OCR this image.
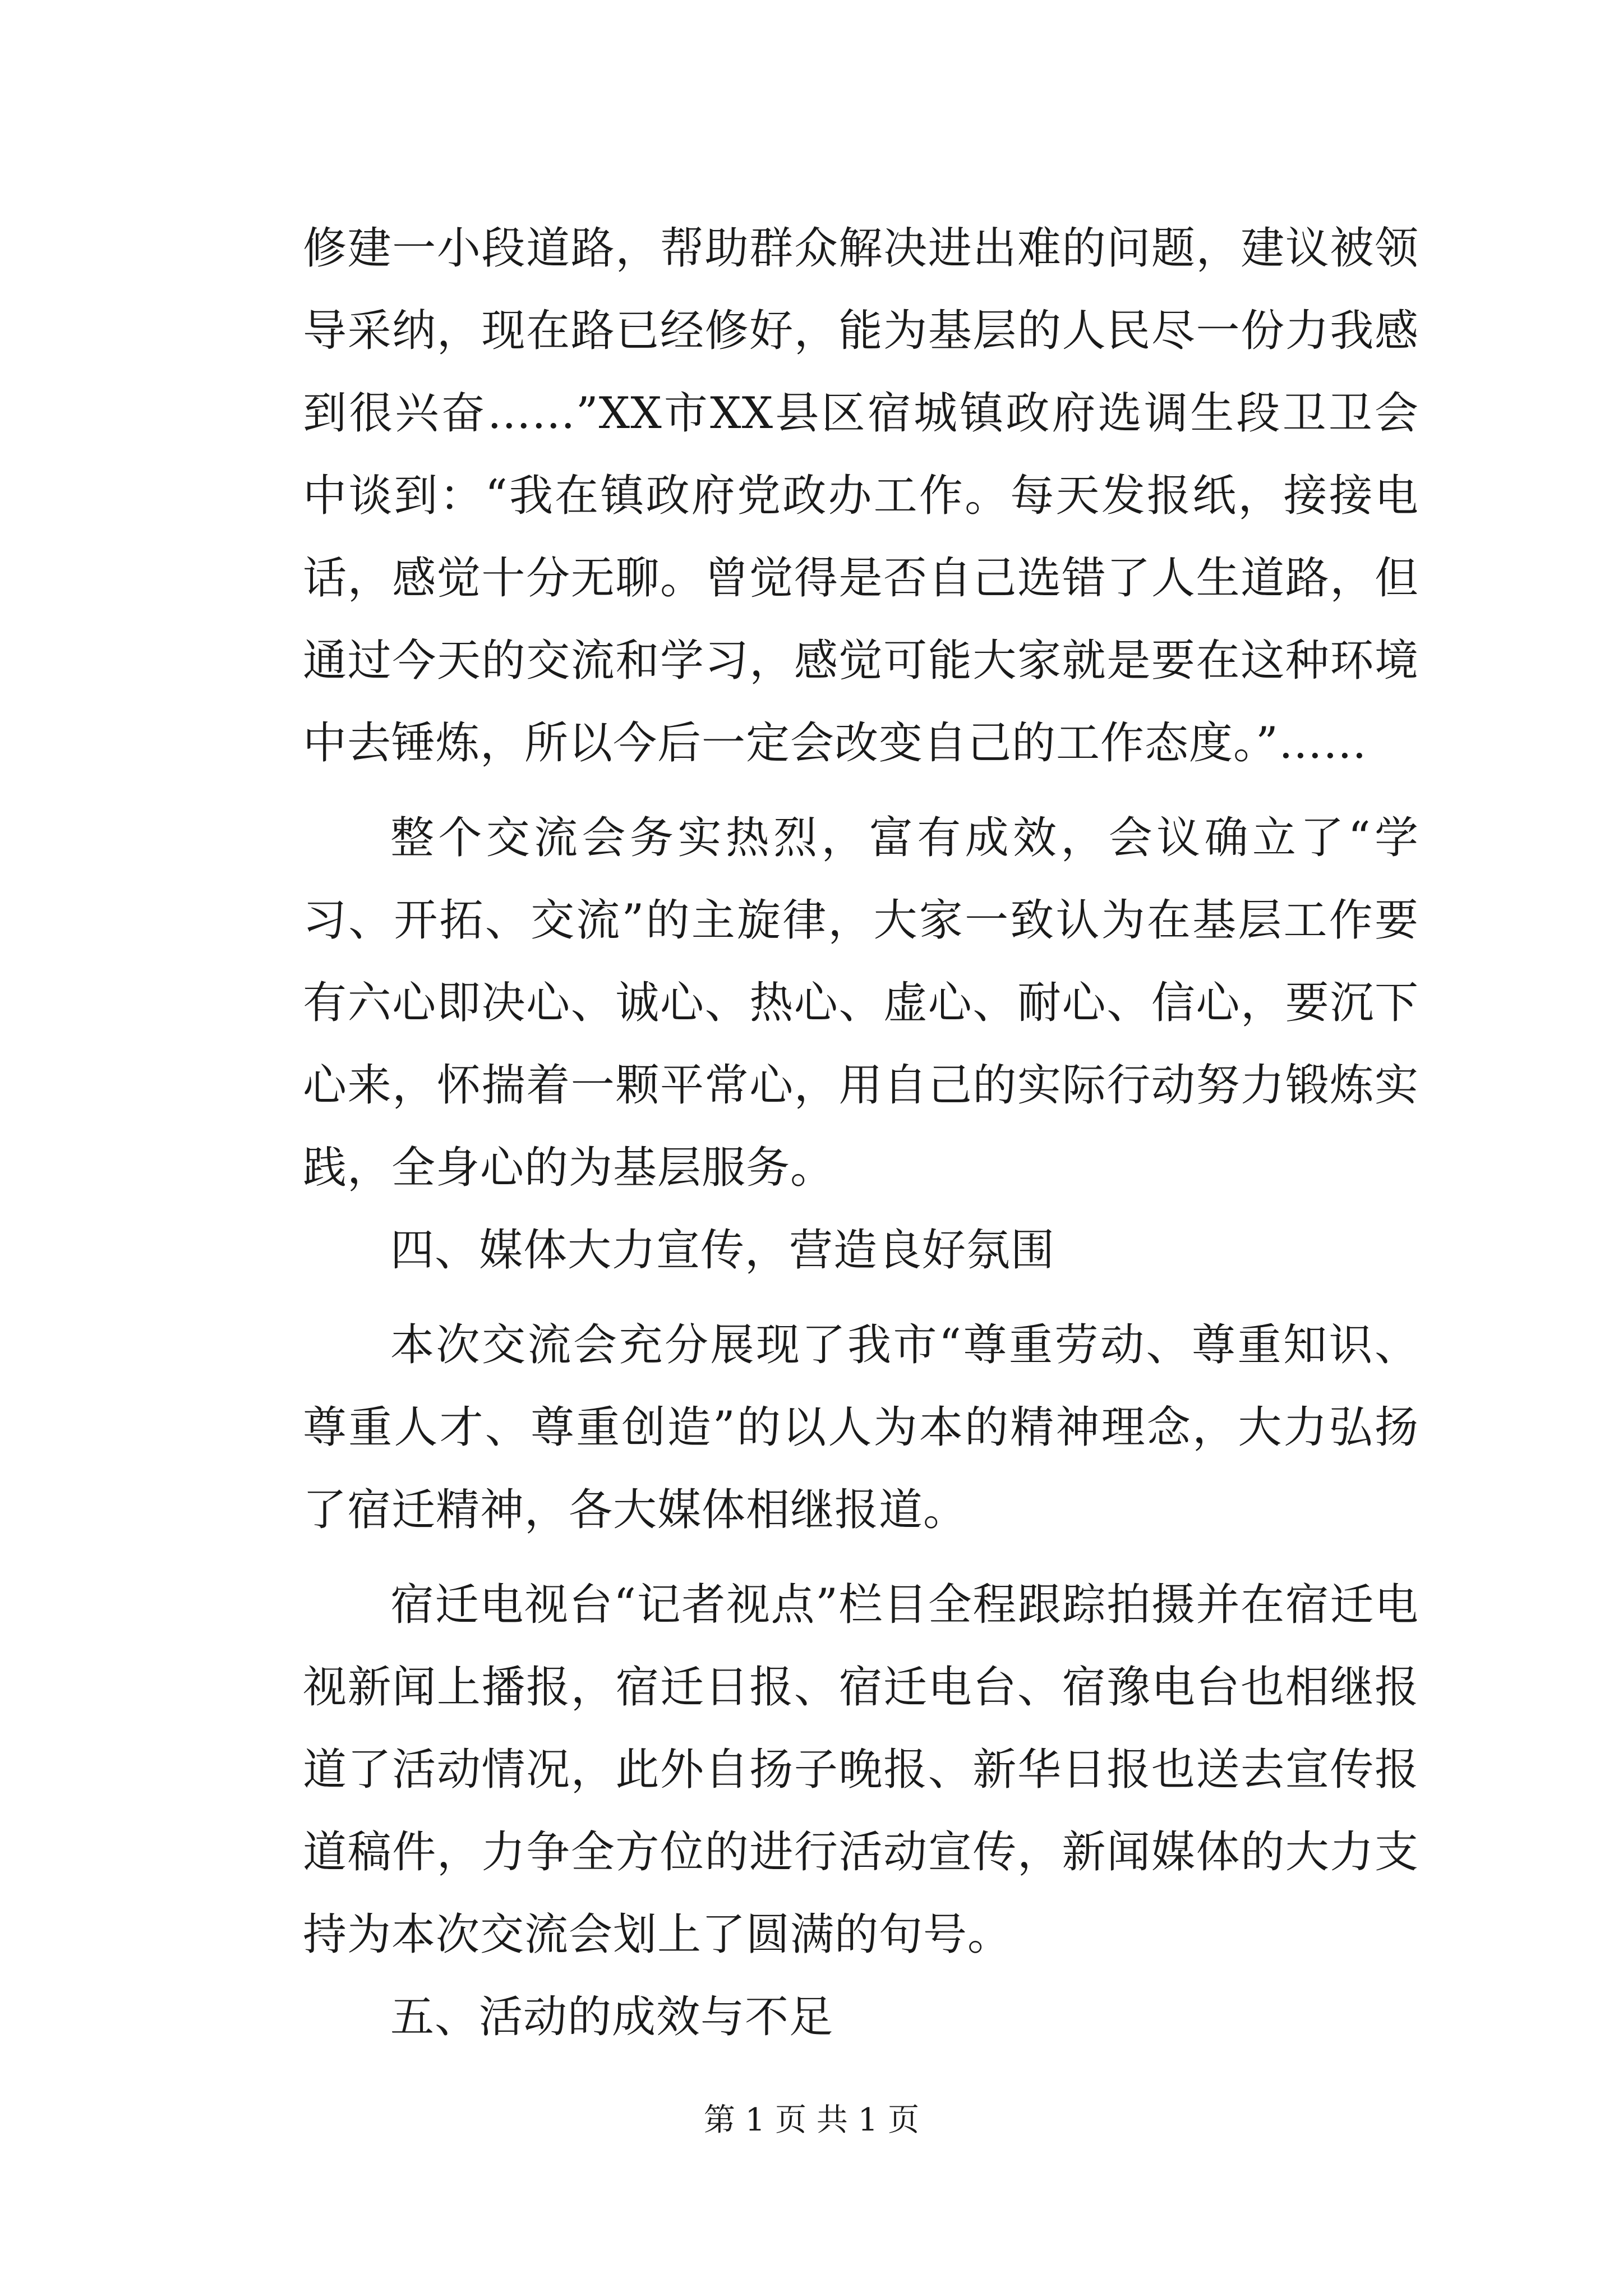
修建一小段道路，帮助群众解决进出难的问题，建议被领导采纳，现在路已经修好，能为基层的人民尽一份力我感到很兴奋……”XX市XX县区宿城镇政府选调生段卫卫会中谈到：“我在镇政府党政办工作。每天发报纸，接接电话，感觉十分无聊。曾觉得是否自己选错了人生道路，但通过今天的交流和学习，感觉可能大家就是要在这种环境中去锤炼，所以今后一定会改变自己的工作态度。”……

整个交流会务实热烈，富有成效，会议确立了“学习、开拓、交流”的主旋律，大家一致认为在基层工作要有六心即决心、诚心、热心、虚心、耐心、信心，要沉下心来，怀揣着一颗平常心，用自己的实际行动努力锻炼实践，全身心的为基层服务。

四、媒体大力宣传，营造良好氛围

本次交流会充分展现了我市“尊重劳动、尊重知识、尊重人才、尊重创造”的以人为本的精神理念，大力弘扬了宿迁精神，各大媒体相继报道。

宿迁电视台“记者视点”栏目全程跟踪拍摄并在宿迁电视新闻上播报，宿迁日报、宿迁电台、宿豫电台也相继报道了活动情况，此外自扬子晚报、新华日报也送去宣传报道稿件，力争全方位的进行活动宣传，新闻媒体的大力支持为本次交流会划上了圆满的句号。

五、活动的成效与不足

第 1 页 共 1 页
